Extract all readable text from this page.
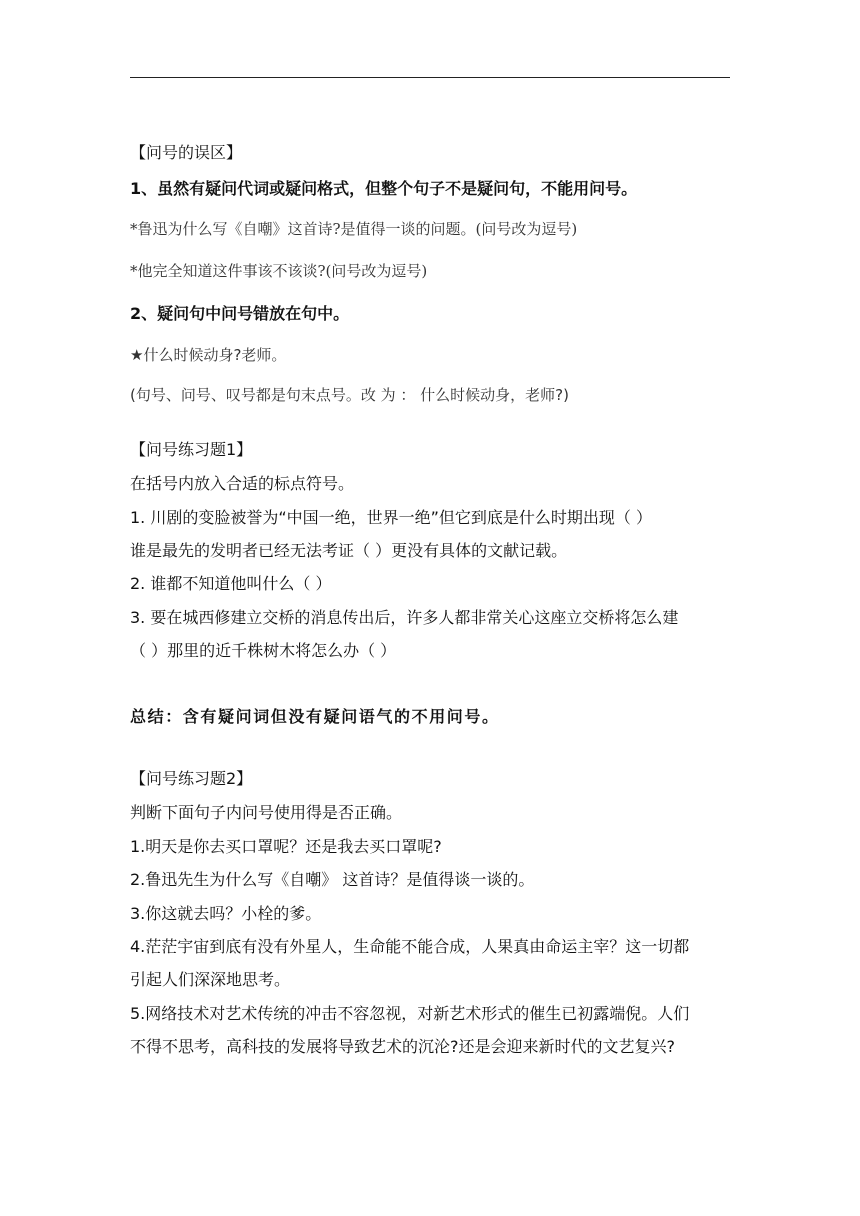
【问号的误区】
1、虽然有疑问代词或疑问格式，但整个句子不是疑问句，不能用问号。
*鲁迅为什么写《自嘲》这首诗?是值得一谈的问题。(问号改为逗号)
*他完全知道这件事该不该谈?(问号改为逗号)
2、疑问句中问号错放在句中。
★什么时候动身?老师。
(句号、问号、叹号都是句末点号。改 为 ： 什么时候动身，老师?)
【问号练习题1】
在括号内放入合适的标点符号。
1. 川剧的变脸被誉为“中国一绝，世界一绝”但它到底是什么时期出现（ ）
谁是最先的发明者已经无法考证（ ）更没有具体的文献记载。
2. 谁都不知道他叫什么（ ）
3. 要在城西修建立交桥的消息传出后，许多人都非常关心这座立交桥将怎么建
（ ）那里的近千株树木将怎么办（ ）
总结：含有疑问词但没有疑问语气的不用问号。
【问号练习题2】
判断下面句子内问号使用得是否正确。
1.明天是你去买口罩呢？还是我去买口罩呢?
2.鲁迅先生为什么写《自嘲》 这首诗？是值得谈一谈的。
3.你这就去吗？小栓的爹。
4.茫茫宇宙到底有没有外星人，生命能不能合成，人果真由命运主宰？这一切都
引起人们深深地思考。
5.网络技术对艺术传统的冲击不容忽视，对新艺术形式的催生已初露端倪。人们
不得不思考，高科技的发展将导致艺术的沉沦?还是会迎来新时代的文艺复兴?
